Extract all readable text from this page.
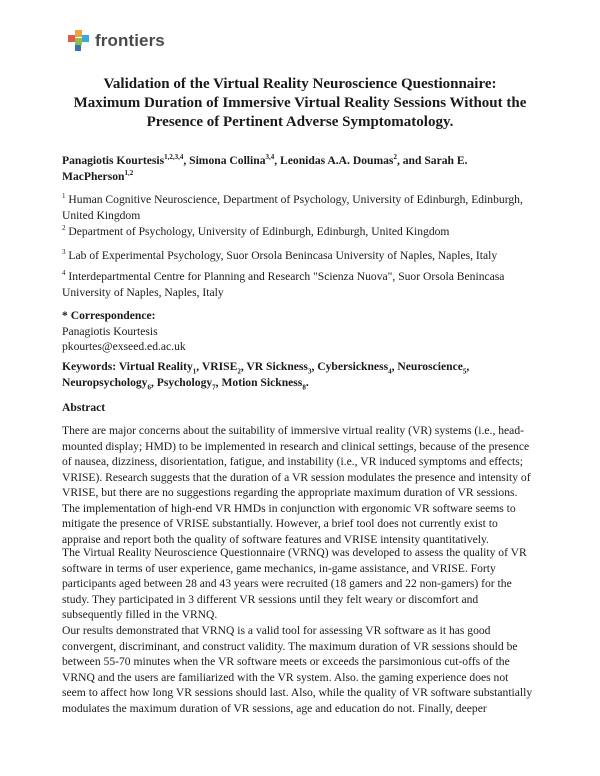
frontiers
Validation of the Virtual Reality Neuroscience Questionnaire:
Maximum Duration of Immersive Virtual Reality Sessions Without the
Presence of Pertinent Adverse Symptomatology.
Panagiotis Kourtesis$^{1,2,3,4}$, Simona Collina$^{3,4}$, Leonidas A.A. Doumas$^2$, and Sarah E.
MacPherson$^{1,2}$
$^1$ Human Cognitive Neuroscience, Department of Psychology, University of Edinburgh, Edinburgh,
United Kingdom
$^2$ Department of Psychology, University of Edinburgh, Edinburgh, United Kingdom
$^3$ Lab of Experimental Psychology, Suor Orsola Benincasa University of Naples, Naples, Italy
$^4$ Interdepartmental Centre for Planning and Research "Scienza Nuova", Suor Orsola Benincasa
University of Naples, Naples, Italy
* Correspondence:
Panagiotis Kourtesis
pkourtes@exseed.ed.ac.uk
Keywords: Virtual Reality$_1$, $VRISE_2$, VR Sickness$_3$, Cybersickness$_4$, Neuroscience$_5$,
Neuropsychology$_6$, Psychology$_7$, Motion Sickness$_8$.
Abstract
There are major concerns about the suitability of immersive virtual reality (VR) systems (i.e., head-
mounted display; HMD) to be implemented in research and clinical settings, because of the presence
of nausea, dizziness, disorientation, fatigue, and instability (i.e., VR induced symptoms and effects;
VRISE). Research suggests that the duration of a VR session modulates the presence and intensity of
VRISE, but there are no suggestions regarding the appropriate maximum duration of VR sessions.
The implementation of high-end VR HMDs in conjunction with ergonomic VR software seems to
mitigate the presence of VRISE substantially. However, a brief tool does not currently exist to
appraise and report both the quality of software features and VRISE intensity quantitatively.
The Virtual Reality Neuroscience Questionnaire (VRNQ) was developed to assess the quality of VR
software in terms of user experience, game mechanics, in-game assistance, and VRISE. Forty
participants aged between 28 and 43 years were recruited (18 gamers and 22 non-gamers) for the
study. They participated in 3 different VR sessions until they felt weary or discomfort and
subsequently filled in the VRNQ.
Our results demonstrated that VRNQ is a valid tool for assessing VR software as it has good
convergent, discriminant, and construct validity. The maximum duration of VR sessions should be
between 55-70 minutes when the VR software meets or exceeds the parsimonious cut-offs of the
VRNQ and the users are familiarized with the VR system. Also. the gaming experience does not
seem to affect how long VR sessions should last. Also, while the quality of VR software substantially
modulates the maximum duration of VR sessions, age and education do not. Finally, deeper
